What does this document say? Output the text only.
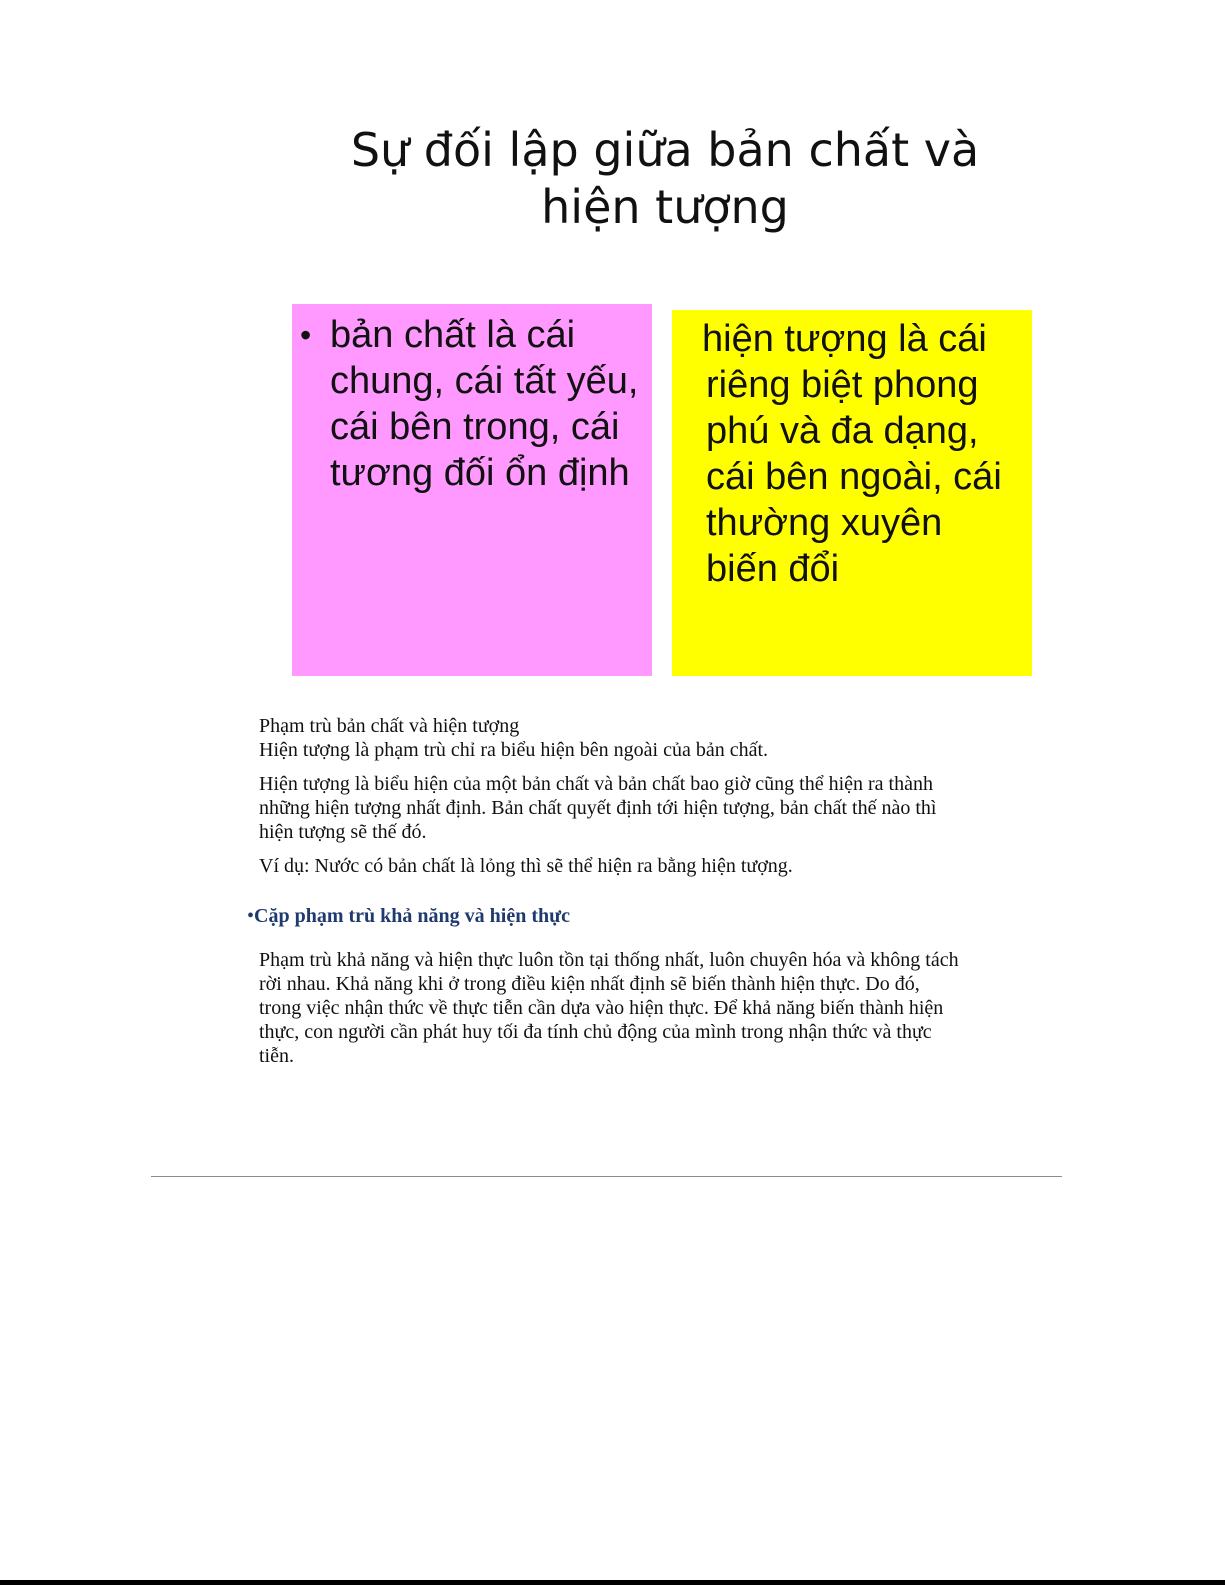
Sự đối lập giữa bản chất và
hiện tượng
• bản chất là cái chung, cái tất yếu, cái bên trong, cái tương đối ổn định
hiện tượng là cái riêng biệt phong phú và đa dạng, cái bên ngoài, cái thường xuyên biến đổi

Phạm trù bản chất và hiện tượng
Hiện tượng là phạm trù chỉ ra biểu hiện bên ngoài của bản chất.

Hiện tượng là biểu hiện của một bản chất và bản chất bao giờ cũng thể hiện ra thành những hiện tượng nhất định. Bản chất quyết định tới hiện tượng, bản chất thế nào thì hiện tượng sẽ thế đó.

Ví dụ: Nước có bản chất là lỏng thì sẽ thể hiện ra bằng hiện tượng.

•Cặp phạm trù khả năng và hiện thực
Phạm trù khả năng và hiện thực luôn tồn tại thống nhất, luôn chuyên hóa và không tách rời nhau. Khả năng khi ở trong điều kiện nhất định sẽ biến thành hiện thực. Do đó, trong việc nhận thức về thực tiễn cần dựa vào hiện thực. Để khả năng biến thành hiện thực, con người cần phát huy tối đa tính chủ động của mình trong nhận thức và thực tiễn.
